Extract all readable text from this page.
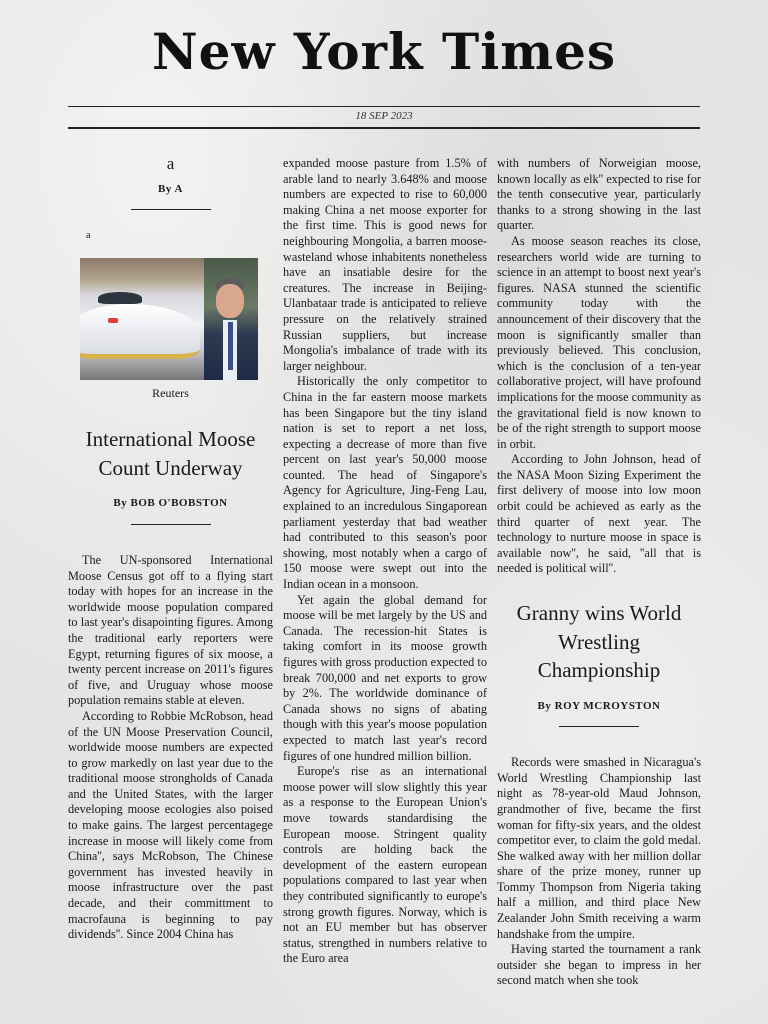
New York Times
18 SEP 2023
a
By A
a
Reuters
International Moose Count Underway
By BOB O'BOBSTON

The UN-sponsored International Moose Census got off to a flying start today with hopes for an increase in the worldwide moose population compared to last year's disapointing figures. Among the traditional early reporters were Egypt, returning figures of six moose, a twenty percent increase on 2011's figures of five, and Uruguay whose moose population remains stable at eleven.

According to Robbie McRobson, head of the UN Moose Preservation Council, worldwide moose numbers are expected to grow markedly on last year due to the traditional moose strongholds of Canada and the United States, with the larger developing moose ecologies also poised to make gains. The largest percentagege increase in moose will likely come from China'', says McRobson, The Chinese government has invested heavily in moose infrastructure over the past decade, and their committment to macrofauna is beginning to pay dividends''. Since 2004 China has

expanded moose pasture from 1.5% of arable land to nearly 3.648% and moose numbers are expected to rise to 60,000 making China a net moose exporter for the first time. This is good news for neighbouring Mongolia, a barren moose-wasteland whose inhabitents nonetheless have an insatiable desire for the creatures. The increase in Beijing-Ulanbataar trade is anticipated to relieve pressure on the relatively strained Russian suppliers, but increase Mongolia's imbalance of trade with its larger neighbour.

Historically the only competitor to China in the far eastern moose markets has been Singapore but the tiny island nation is set to report a net loss, expecting a decrease of more than five percent on last year's 50,000 moose counted. The head of Singapore's Agency for Agriculture, Jing-Feng Lau, explained to an incredulous Singaporean parliament yesterday that bad weather had contributed to this season's poor showing, most notably when a cargo of 150 moose were swept out into the Indian ocean in a monsoon.

Yet again the global demand for moose will be met largely by the US and Canada. The recession-hit States is taking comfort in its moose growth figures with gross production expected to break 700,000 and net exports to grow by 2%. The worldwide dominance of Canada shows no signs of abating though with this year's moose population expected to match last year's record figures of one hundred million billion.

Europe's rise as an international moose power will slow slightly this year as a response to the European Union's move towards standardising the European moose. Stringent quality controls are holding back the development of the eastern european populations compared to last year when they contributed significantly to europe's strong growth figures. Norway, which is not an EU member but has observer status, strengthed in numbers relative to the Euro area

with numbers of Norweigian moose, known locally as elk'' expected to rise for the tenth consecutive year, particularly thanks to a strong showing in the last quarter.

As moose season reaches its close, researchers world wide are turning to science in an attempt to boost next year's figures. NASA stunned the scientific community today with the announcement of their discovery that the moon is significantly smaller than previously believed. This conclusion, which is the conclusion of a ten-year collaborative project, will have profound implications for the moose community as the gravitational field is now known to be of the right strength to support moose in orbit.

According to John Johnson, head of the NASA Moon Sizing Experiment the first delivery of moose into low moon orbit could be achieved as early as the third quarter of next year. The technology to nurture moose in space is available now'', he said, ''all that is needed is political will''.

Granny wins World Wrestling Championship
By ROY MCROYSTON

Records were smashed in Nicaragua's World Wrestling Championship last night as 78-year-old Maud Johnson, grandmother of five, became the first woman for fifty-six years, and the oldest competitor ever, to claim the gold medal. She walked away with her million dollar share of the prize money, runner up Tommy Thompson from Nigeria taking half a million, and third place New Zealander John Smith receiving a warm handshake from the umpire.

Having started the tournament a rank outsider she began to impress in her second match when she took
